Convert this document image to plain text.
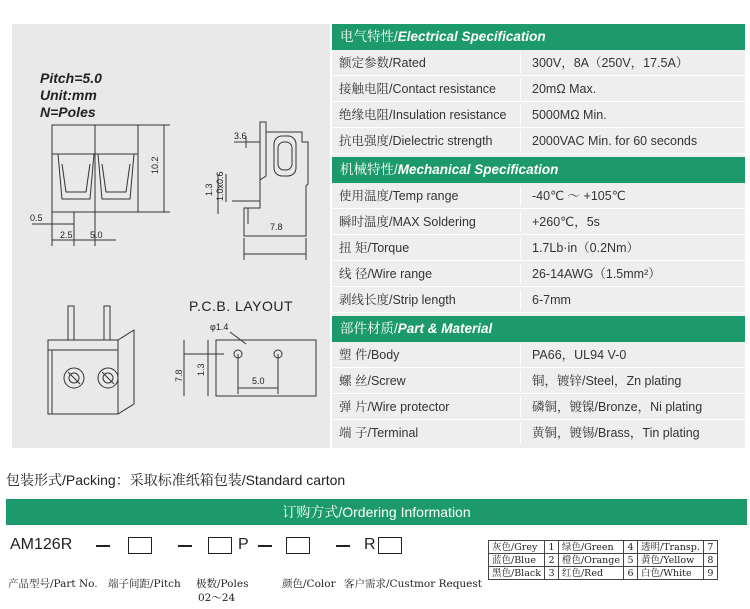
10.2
3.6
1.0x0.6
1.3
0.5
2.5 5.0
7.8
φ1.4
7.8 1.3
5.0
Pitch=5.0
Unit:mm
N=Poles
P.C.B. LAYOUT
电气特性/Electrical Specification
额定参数/Rated	300V，8A（250V，17.5A）
接触电阻/Contact resistance	20mΩ Max.
绝缘电阻/Insulation resistance 5000MΩ Min.
抗电强度/Dielectric strength	2000VAC Min. for 60 seconds
机械特性/Mechanical Specification
使用温度/Temp range	-40℃ ～ +105℃
瞬时温度/MAX Soldering	+260℃，5s
扭 矩/Torque	1.7Lb·in（0.2Nm）
线 径/Wire range	26-14AWG（1.5mm²）
剥线长度/Strip length	6-7mm
部件材质/Part & Material
塑 件/Body	PA66，UL94 V-0
螺 丝/Screw	铜，镀锌/Steel，Zn plating
弹 片/Wire protector	磷铜，镀镍/Bronze，Ni plating
端 子/Terminal	黄铜，镀锡/Brass，Tin plating
包装形式/Packing：采取标准纸箱包装/Standard carton
订购方式/Ordering Information
AM126R	P	R
产品型号/Part No. 端子间距/Pitch 极数/Poles
02～24
颜色/Color 客户需求/Custmor Request
灰色/Grey	1	绿色/Green	4	透明/Transp.	7
蓝色/Blue	2	橙色/Orange	5	黄色/Yellow	8
黑色/Black	3	红色/Red	6	白色/White	9
